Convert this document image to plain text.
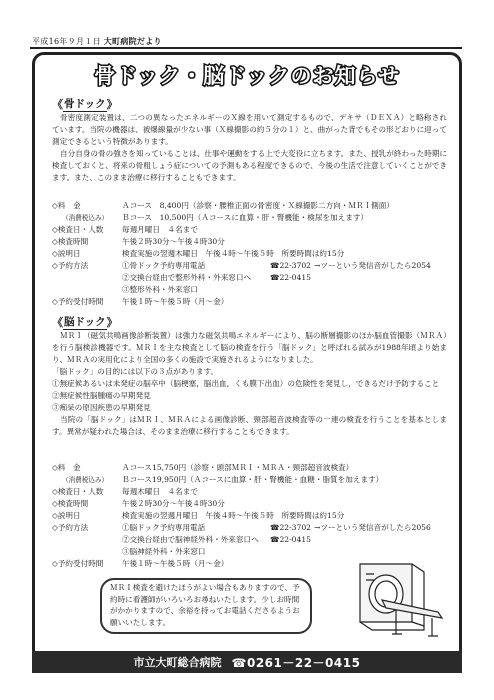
平成16年９月１日 大町病院だより
骨ドック・脳ドックのお知らせ
《 骨ドック 》

骨密度測定装置は、二つの異なったエネルギーのＸ線を用いて測定するもので、デキサ（ＤＥＸＡ）と略称されています。当院の機器は、被爆線量が少ない事（Ｘ線撮影の約５分の１）と、曲がった背でもその形どおりに迎って測定できるという特徴があります。

自分自身の骨の強さを知っていることは、仕事や運動をする上で大変役に立ちます。また、授乳が終わった時期に検査しておくと、将来の骨粗しょう症についての予測もある程度できるので、今後の生活で注意していくことができます。また、このまま治療に移行することもできます。

◇料　金	Ａコース　8,400円（診察・腰椎正面の骨密度・Ｘ線撮影二方向・ＭＲＩ側面）
（消費税込み） Ｂコース　10,500円（Ａコースに血算・肝・腎機能・検尿を加えます）
◇検査日・人数 毎週月曜日　４名まで
◇検査時間	午後２時30分～午後４時30分
◇説明日	検査実施の翌週木曜日　午後４時～午後５時　所要時間は約15分
◇予約方法	①骨ドック予約専用電話	☎22-3702 →ツーという発信音がしたら2054
②交換台経由で整形外科・外来窓口へ ☎22-0415
③整形外科・外来窓口
◇予約受付時間 午後１時～午後５時（月～金）
《 脳ドック 》

ＭＲＩ（磁気共鳴画像診断装置）は強力な磁気共鳴エネルギーにより、脳の断層撮影のほか脳血管撮影（ＭＲＡ）を行う脳検診機器です。ＭＲＩを主な検査として脳の検査を行う「脳ドック」と呼ばれる試みが1988年頃より始まり、ＭＲＡの実用化により全国の多くの施設で実施されるようになりました。

「脳ドック」の目的には以下の３点があります。

①無症候あるいは未発症の脳卒中（脳梗塞，脳出血，くも膜下出血）の危険性を発見し，できるだけ予防すること

②無症候性脳腫瘍の早期発見

③痴呆の原因疾患の早期発見

当院の「脳ドック」はＭＲＩ、ＭＲＡによる画像診断、頸部超音波検査等の一連の検査を行うことを基本とします。異常が疑われた場合は、そのまま治療に移行することもできます。

◇料　金	Ａコース15,750円（診察・頭部ＭＲＩ・ＭＲＡ・頸部超音波検査）
（消費税込み） Ｂコース19,950円（Ａコースに血算・肝・腎機能・血糖・脂質を加えます）
◇検査日・人数 毎週木曜日　４名まで
◇検査時間	午後２時30分～午後４時30分
◇説明日	検査実施の翌週月曜日　午後４時～午後５時　所要時間は約15分
◇予約方法	①脳ドック予約専用電話	☎22-3702 →ツーという発信音がしたら2056
②交換台経由で脳神経外科・外来窓口へ ☎22-0415
③脳神経外科・外来窓口
◇予約受付時間 午後１時～午後５時（月～金）

ＭＲＩ検査を避けたほうがよい場合もありますので、予約時に看護師がいろいろお尋ねいたします。少しお時間がかかりますので、余裕を持ってお電話くださるようお願いいたします。

市立大町総合病院 ☎0261－22－0415
